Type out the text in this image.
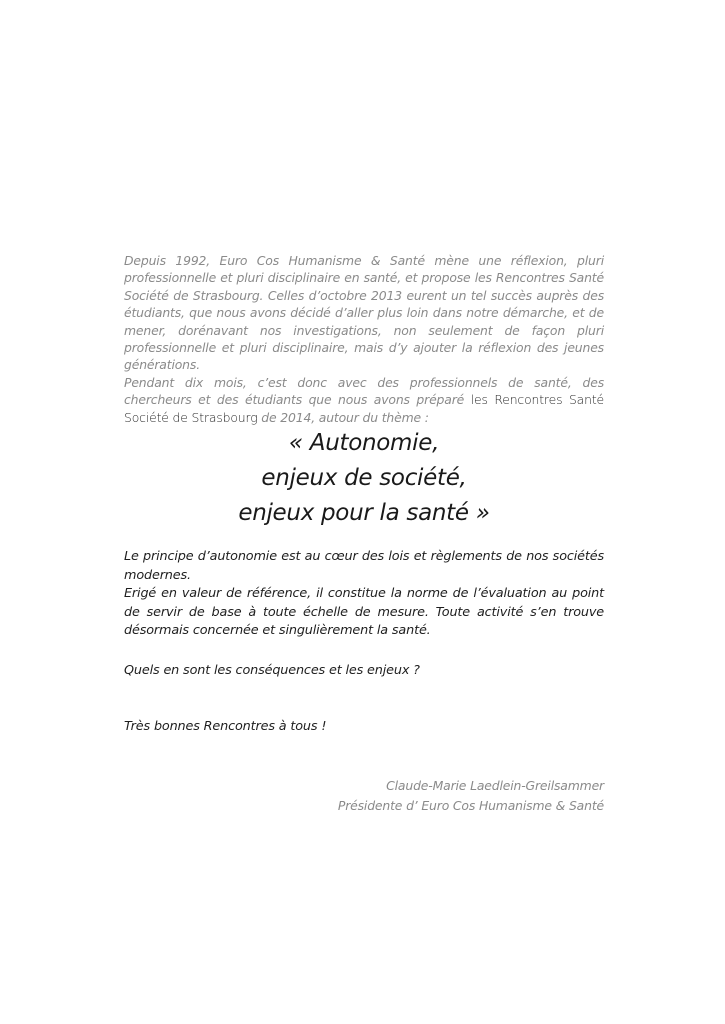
Depuis 1992, Euro Cos Humanisme & Santé mène une réflexion, pluri professionnelle et pluri disciplinaire en santé, et propose les Rencontres Santé Société de Strasbourg. Celles d’octobre 2013 eurent un tel succès auprès des étudiants, que nous avons décidé d’aller plus loin dans notre démarche, et de mener, dorénavant nos investigations, non seulement de façon pluri professionnelle et pluri disciplinaire, mais d’y ajouter la réflexion des jeunes générations.

Pendant dix mois, c’est donc avec des professionnels de santé, des chercheurs et des étudiants que nous avons préparé les Rencontres Santé Société de Strasbourg de 2014, autour du thème :

« Autonomie,
enjeux de société,
enjeux pour la santé »

Le principe d’autonomie est au cœur des lois et règlements de nos sociétés modernes.

Erigé en valeur de référence, il constitue la norme de l’évaluation au point de servir de base à toute échelle de mesure. Toute activité s’en trouve désormais concernée et singulièrement la santé.

Quels en sont les conséquences et les enjeux ?
Très bonnes Rencontres à tous !
Claude-Marie Laedlein-Greilsammer
Présidente d’ Euro Cos Humanisme & Santé
